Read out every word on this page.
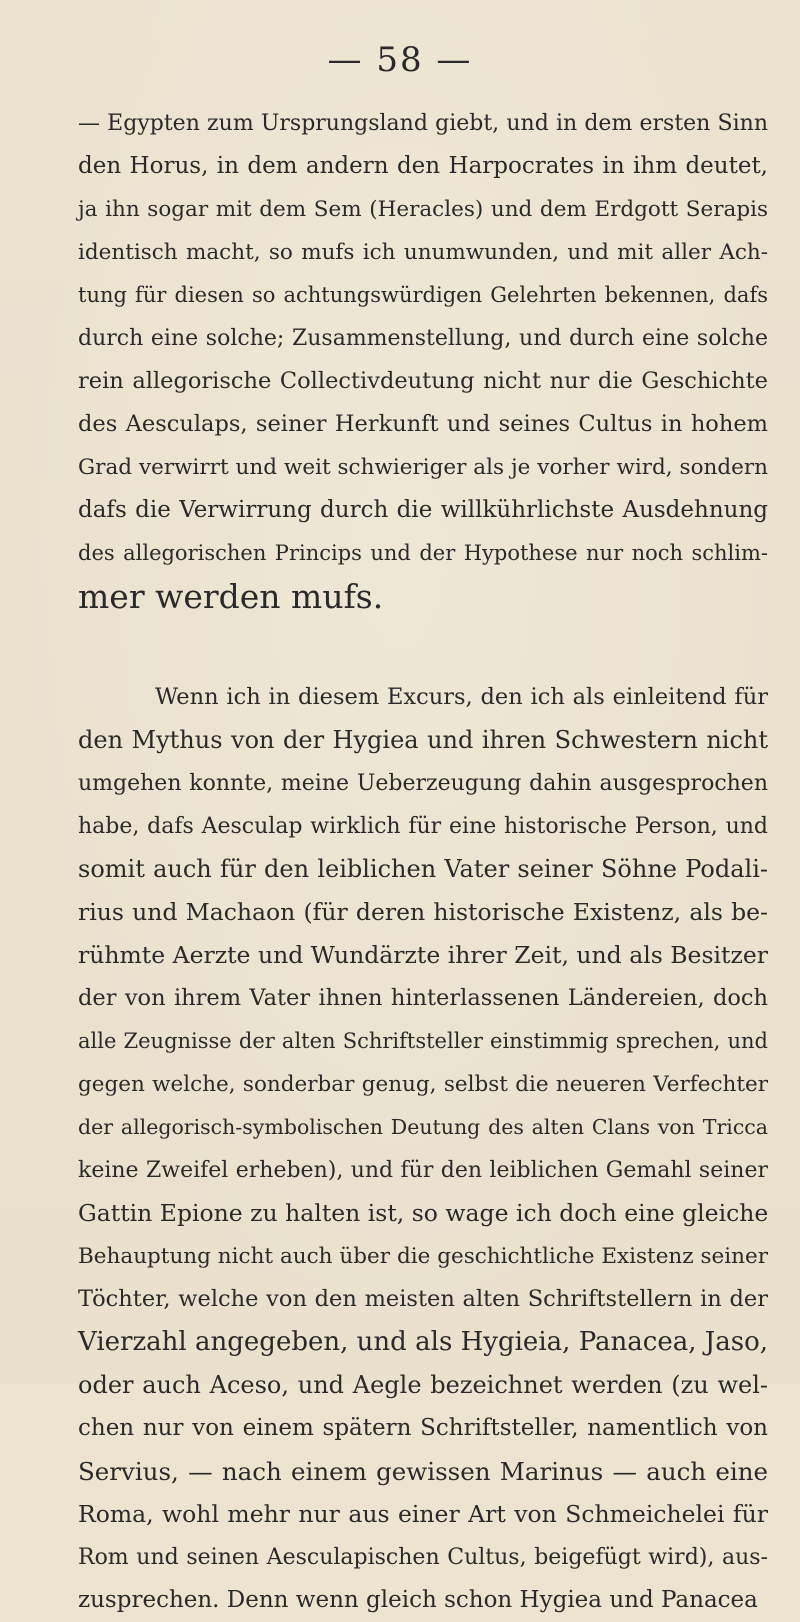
— 58 —
— Egypten zum Ursprungsland giebt, und in dem ersten Sinn
den Horus, in dem andern den Harpocrates in ihm deutet,
ja ihn sogar mit dem Sem (Heracles) und dem Erdgott Serapis
identisch macht, so mufs ich unumwunden, und mit aller Ach-
tung für diesen so achtungswürdigen Gelehrten bekennen, dafs
durch eine solche; Zusammenstellung, und durch eine solche
rein allegorische Collectivdeutung nicht nur die Geschichte
des Aesculaps, seiner Herkunft und seines Cultus in hohem
Grad verwirrt und weit schwieriger als je vorher wird, sondern
dafs die Verwirrung durch die willkührlichste Ausdehnung
des allegorischen Princips und der Hypothese nur noch schlim-
mer werden mufs.
Wenn ich in diesem Excurs, den ich als einleitend für
den Mythus von der Hygiea und ihren Schwestern nicht
umgehen konnte, meine Ueberzeugung dahin ausgesprochen
habe, dafs Aesculap wirklich für eine historische Person, und
somit auch für den leiblichen Vater seiner Söhne Podali-
rius und Machaon (für deren historische Existenz, als be-
rühmte Aerzte und Wundärzte ihrer Zeit, und als Besitzer
der von ihrem Vater ihnen hinterlassenen Ländereien, doch
alle Zeugnisse der alten Schriftsteller einstimmig sprechen, und
gegen welche, sonderbar genug, selbst die neueren Verfechter
der allegorisch-symbolischen Deutung des alten Clans von Tricca
keine Zweifel erheben), und für den leiblichen Gemahl seiner
Gattin Epione zu halten ist, so wage ich doch eine gleiche
Behauptung nicht auch über die geschichtliche Existenz seiner
Töchter, welche von den meisten alten Schriftstellern in der
Vierzahl angegeben, und als Hygieia, Panacea, Jaso,
oder auch Aceso, und Aegle bezeichnet werden (zu wel-
chen nur von einem spätern Schriftsteller, namentlich von
Servius, — nach einem gewissen Marinus — auch eine
Roma, wohl mehr nur aus einer Art von Schmeichelei für
Rom und seinen Aesculapischen Cultus, beigefügt wird), aus-
zusprechen. Denn wenn gleich schon Hygiea und Panacea
